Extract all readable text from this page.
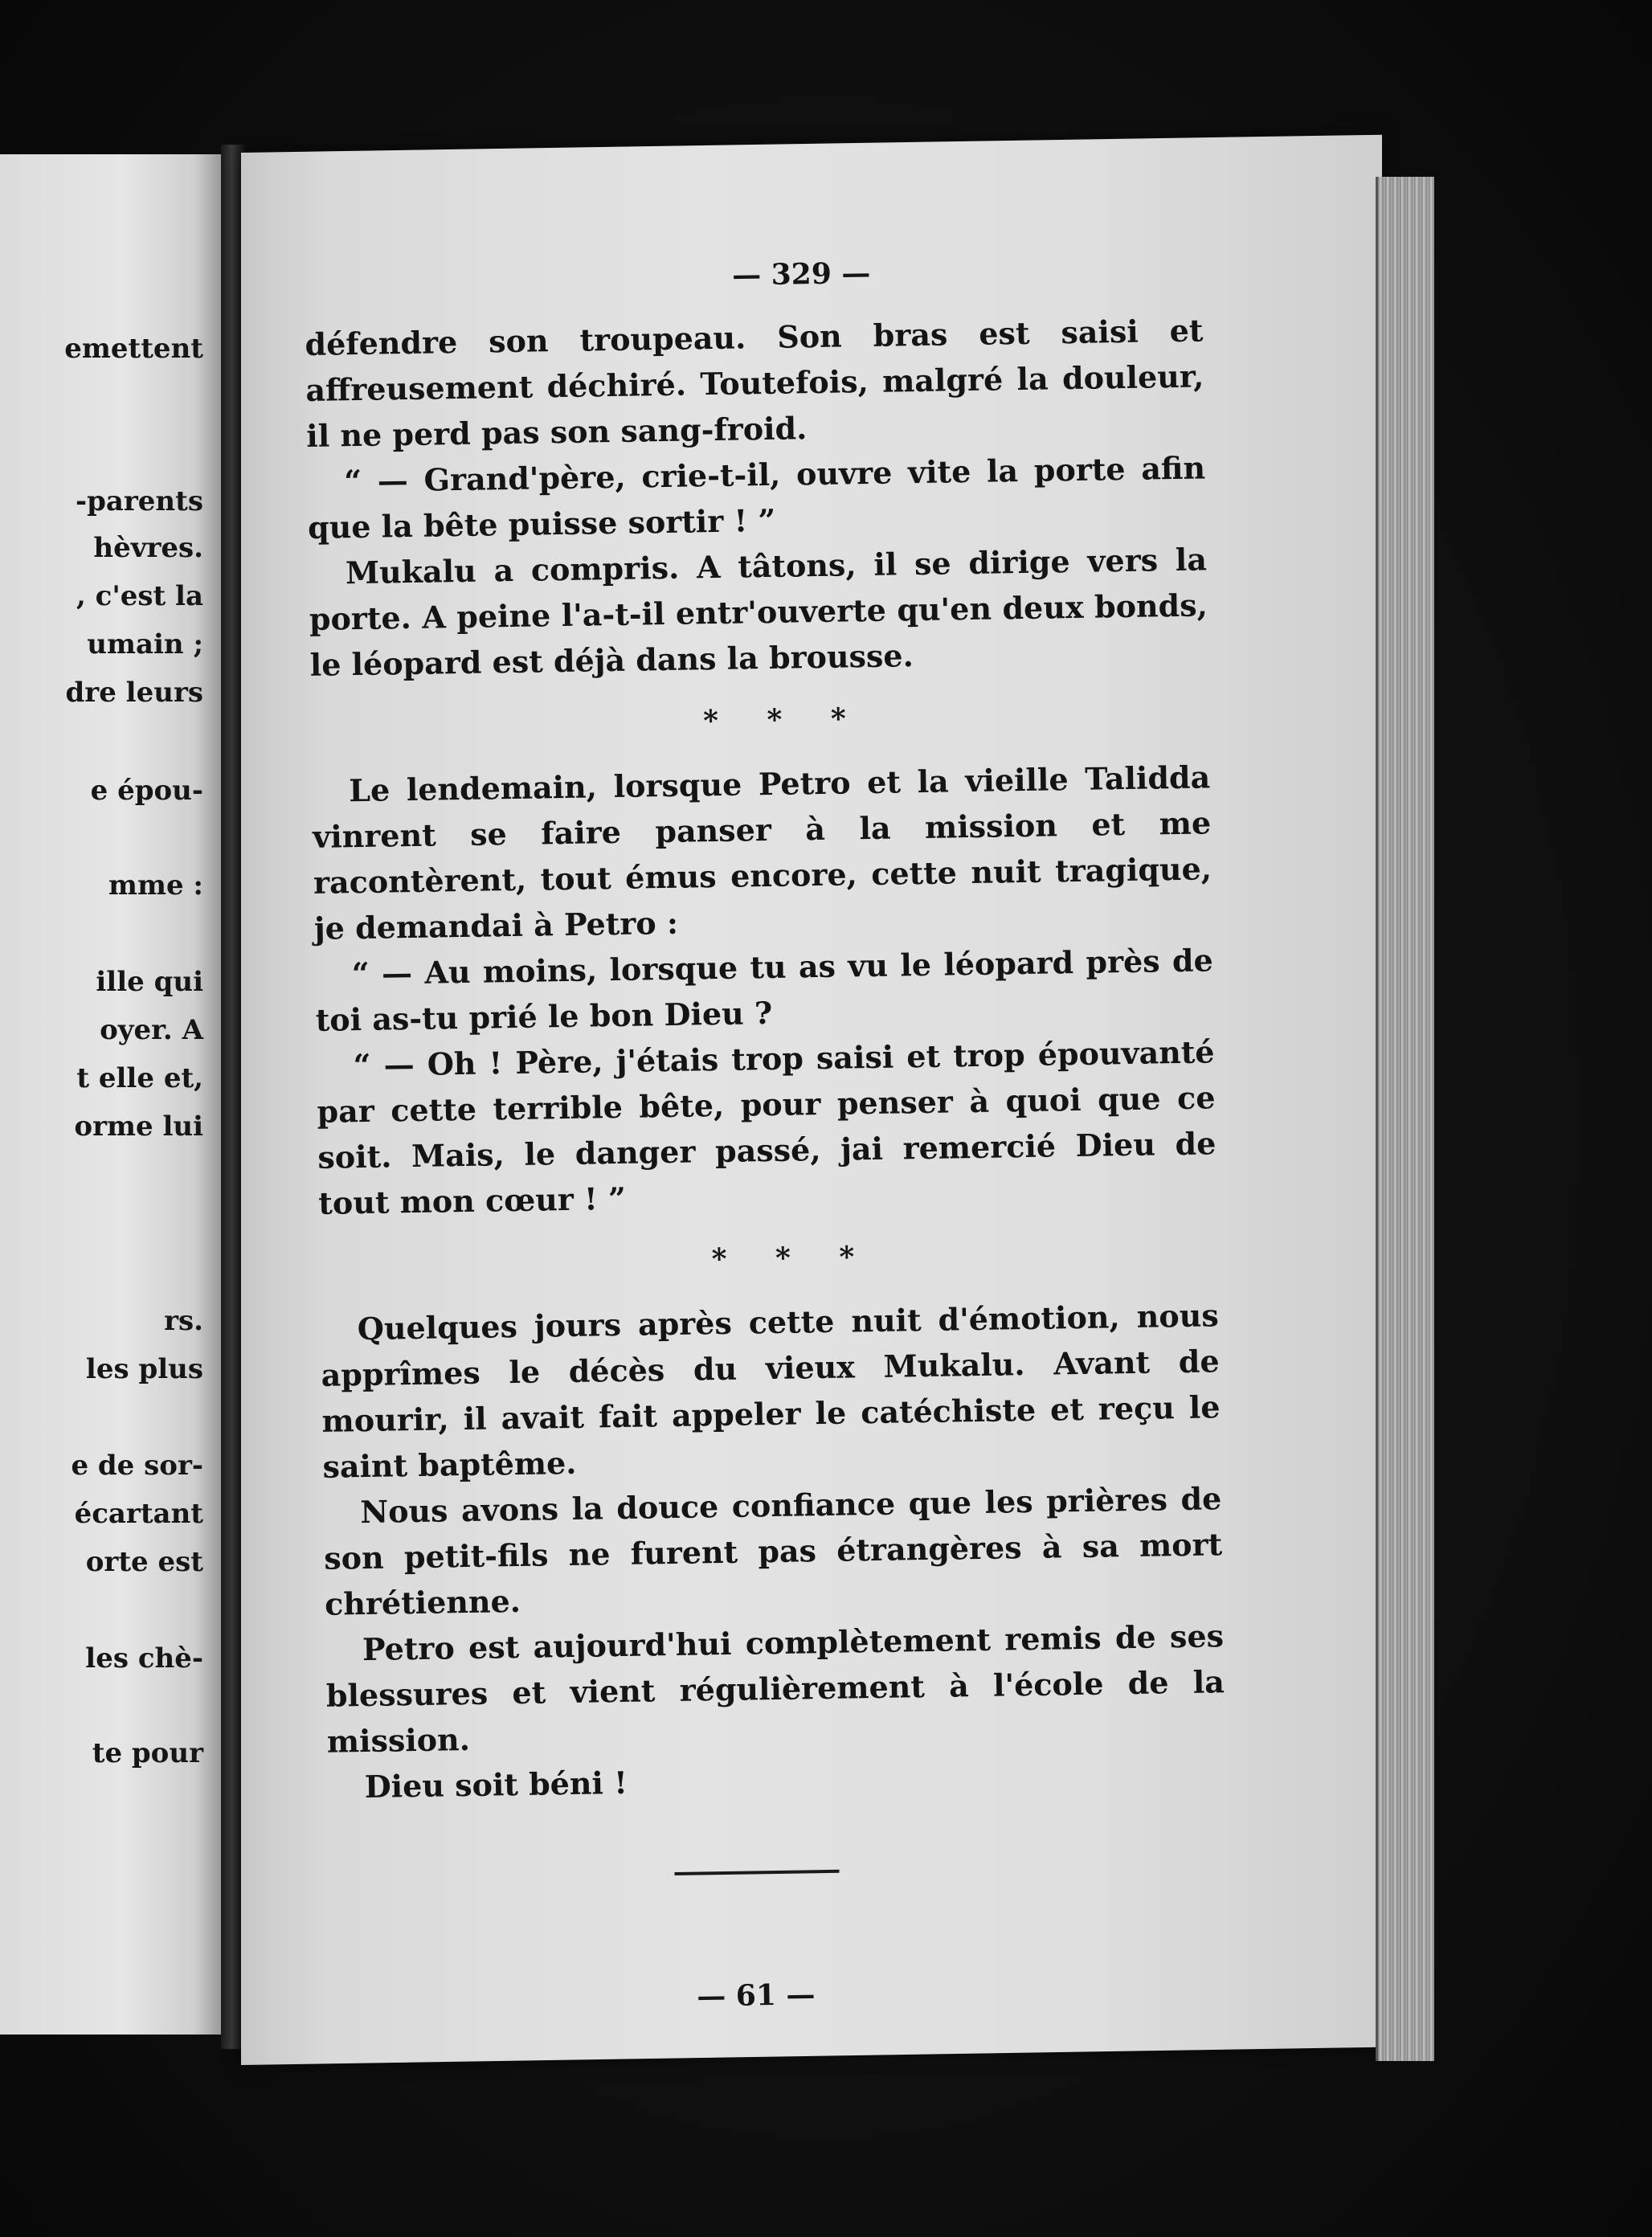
emettent
-parents
hèvres.
, c'est la
umain ;
dre leurs
e épou-
mme :
ille qui
oyer. A
t elle et,
orme lui
rs.
les plus
e de sor-
écartant
orte est
les chè-
te pour
— 329 —

défendre son troupeau. Son bras est saisi et affreusement déchiré. Toutefois, malgré la douleur, il ne perd pas son sang-froid.

“ — Grand'père, crie-t-il, ouvre vite la porte afin que la bête puisse sortir ! ”

Mukalu a compris. A tâtons, il se dirige vers la porte. A peine l'a-t-il entr'ouverte qu'en deux bonds, le léopard est déjà dans la brousse.

* * *

Le lendemain, lorsque Petro et la vieille Talidda vinrent se faire panser à la mission et me racontèrent, tout émus encore, cette nuit tragique, je demandai à Petro :

“ — Au moins, lorsque tu as vu le léopard près de toi as-tu prié le bon Dieu ?

“ — Oh ! Père, j'étais trop saisi et trop épouvanté par cette terrible bête, pour penser à quoi que ce soit. Mais, le danger passé, jai remercié Dieu de tout mon cœur ! ”

* * *

Quelques jours après cette nuit d'émotion, nous apprîmes le décès du vieux Mukalu. Avant de mourir, il avait fait appeler le catéchiste et reçu le saint baptême.

Nous avons la douce confiance que les prières de son petit-fils ne furent pas étrangères à sa mort chrétienne.

Petro est aujourd'hui complètement remis de ses blessures et vient régulièrement à l'école de la mission.

Dieu soit béni !

— 61 —
